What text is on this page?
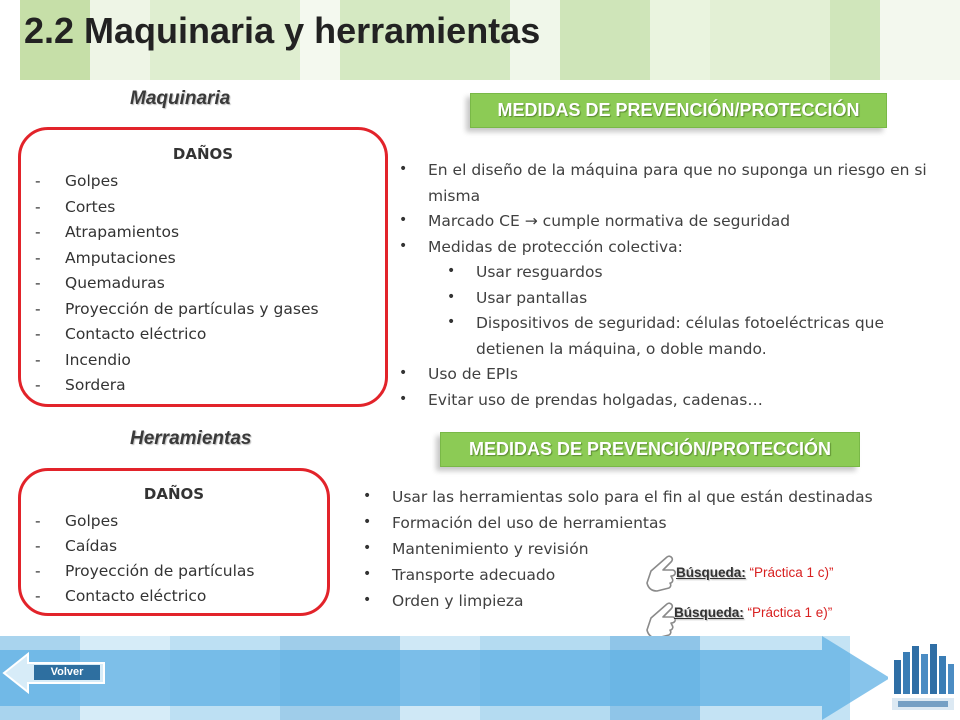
2.2 Maquinaria y herramientas
Maquinaria
DAÑOS
- Golpes
- Cortes
- Atrapamientos
- Amputaciones
- Quemaduras
- Proyección de partículas y gases
- Contacto eléctrico
- Incendio
- Sordera
MEDIDAS DE PREVENCIÓN/PROTECCIÓN
• En el diseño de la máquina para que no suponga un riesgo en si misma
• Marcado CE → cumple normativa de seguridad
• Medidas de protección colectiva:
• Usar resguardos
• Usar pantallas
• Dispositivos de seguridad: células fotoeléctricas que detienen la máquina, o doble mando.
• Uso de EPIs
• Evitar uso de prendas holgadas, cadenas…
Herramientas
DAÑOS
- Golpes
- Caídas
- Proyección de partículas
- Contacto eléctrico
MEDIDAS DE PREVENCIÓN/PROTECCIÓN
• Usar las herramientas solo para el fin al que están destinadas
• Formación del uso de herramientas
• Mantenimiento y revisión
• Transporte adecuado
• Orden y limpieza
Búsqueda: “Práctica 1 c)”
Búsqueda: “Práctica 1 e)”
Volver
